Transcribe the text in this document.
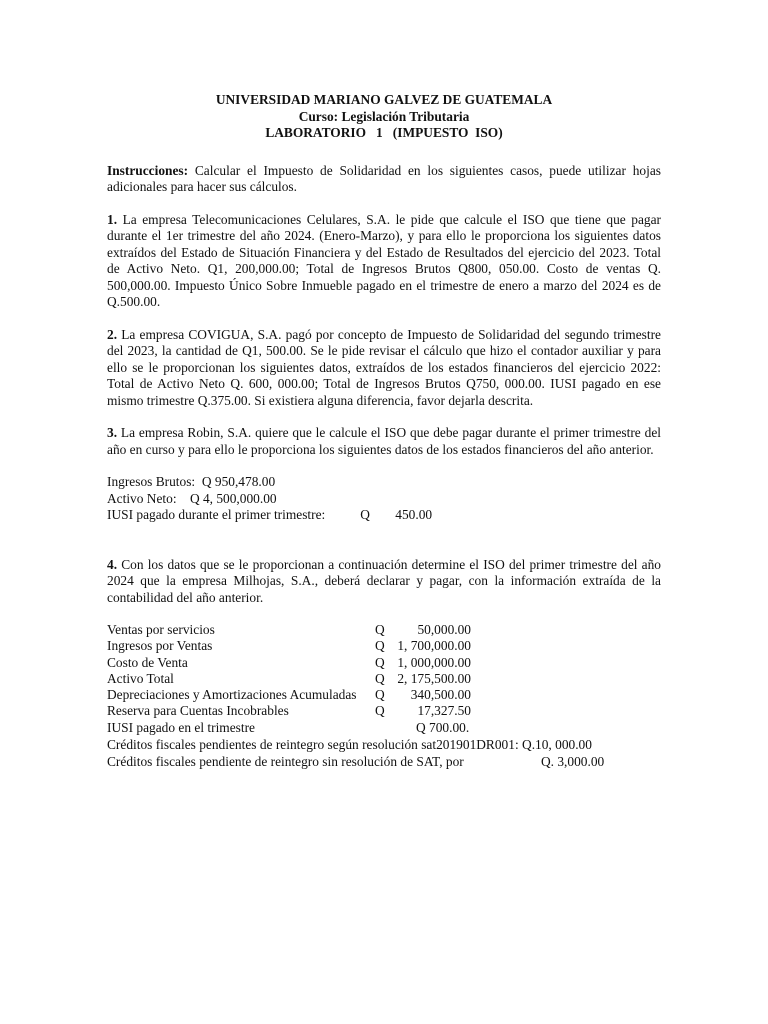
UNIVERSIDAD MARIANO GALVEZ DE GUATEMALA
Curso: Legislación Tributaria
LABORATORIO   1   (IMPUESTO  ISO)

Instrucciones: Calcular el Impuesto de Solidaridad en los siguientes casos, puede utilizar hojas adicionales para hacer sus cálculos.

1. La empresa Telecomunicaciones Celulares, S.A. le pide que calcule el ISO que tiene que pagar durante el 1er trimestre del año 2024. (Enero-Marzo), y para ello le proporciona los siguientes datos extraídos del Estado de Situación Financiera y del Estado de Resultados del ejercicio del 2023. Total de Activo Neto. Q1, 200,000.00; Total de Ingresos Brutos Q800, 050.00. Costo de ventas Q. 500,000.00. Impuesto Único Sobre Inmueble pagado en el trimestre de enero a marzo del 2024 es de Q.500.00.

2. La empresa COVIGUA, S.A. pagó por concepto de Impuesto de Solidaridad del segundo trimestre del 2023, la cantidad de Q1, 500.00. Se le pide revisar el cálculo que hizo el contador auxiliar y para ello se le proporcionan los siguientes datos, extraídos de los estados financieros del ejercicio 2022: Total de Activo Neto Q. 600, 000.00; Total de Ingresos Brutos Q750, 000.00. IUSI pagado en ese mismo trimestre Q.375.00. Si existiera alguna diferencia, favor dejarla descrita.

3. La empresa Robin, S.A. quiere que le calcule el ISO que debe pagar durante el primer trimestre del año en curso y para ello le proporciona los siguientes datos de los estados financieros del año anterior.

Ingresos Brutos: Q 950,478.00
Activo Neto: Q 4, 500,000.00
IUSI pagado durante el primer trimestre:	Q 450.00

4. Con los datos que se le proporcionan a continuación determine el ISO del primer trimestre del año 2024 que la empresa Milhojas, S.A., deberá declarar y pagar, con la información extraída de la contabilidad del año anterior.

Ventas por servicios	Q	50,000.00
Ingresos por Ventas	Q 1, 700,000.00
Costo de Venta	Q 1, 000,000.00
Activo Total	Q 2, 175,500.00
Depreciaciones y Amortizaciones Acumuladas	Q	340,500.00
Reserva para Cuentas Incobrables	Q	17,327.50
IUSI pagado en el trimestre	Q 700.00.
Créditos fiscales pendientes de reintegro según resolución sat201901DR001: Q.10, 000.00
Créditos fiscales pendiente de reintegro sin resolución de SAT, por	Q. 3,000.00
